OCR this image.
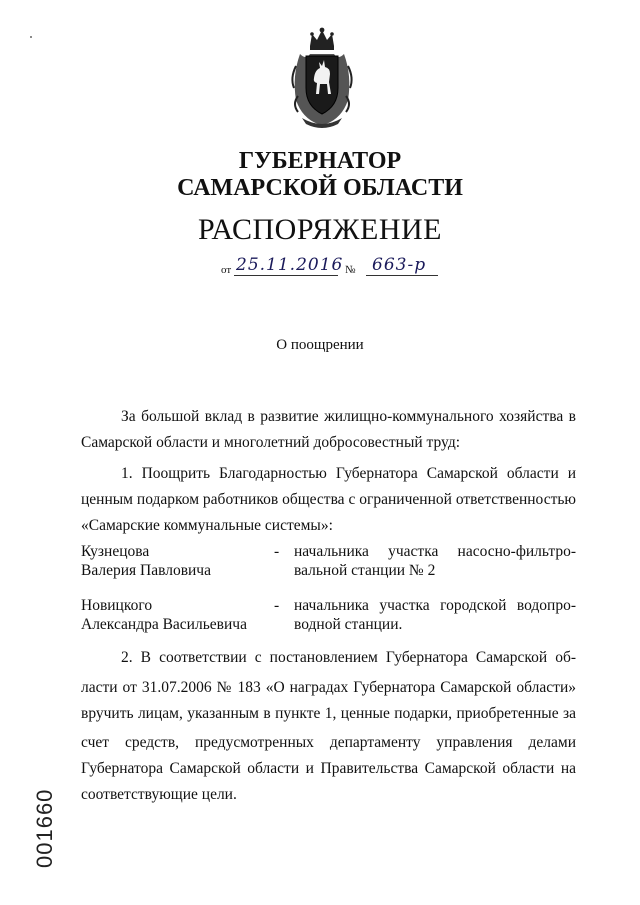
ГУБЕРНАТОР
САМАРСКОЙ ОБЛАСТИ
РАСПОРЯЖЕНИЕ
от 25.11.2016 № 663-р
О поощрении
За большой вклад в развитие жилищно-коммунального хозяйства в
Самарской области и многолетний добросовестный труд:
1. Поощрить Благодарностью Губернатора Самарской области и
ценным подарком работников общества с ограниченной ответственностью
«Самарские коммунальные системы»:
Кузнецова
Валерия Павловича
- начальника участка насосно-фильтро-
вальной станции № 2
Новицкого
Александра Васильевича
- начальника участка городской водопро-
водной станции.
2. В соответствии с постановлением Губернатора Самарской об-
ласти от 31.07.2006 № 183 «О наградах Губернатора Самарской области»
вручить лицам, указанным в пункте 1, ценные подарки, приобретенные за
счет средств, предусмотренных департаменту управления делами
Губернатора Самарской области и Правительства Самарской области на
соответствующие цели.
001660
